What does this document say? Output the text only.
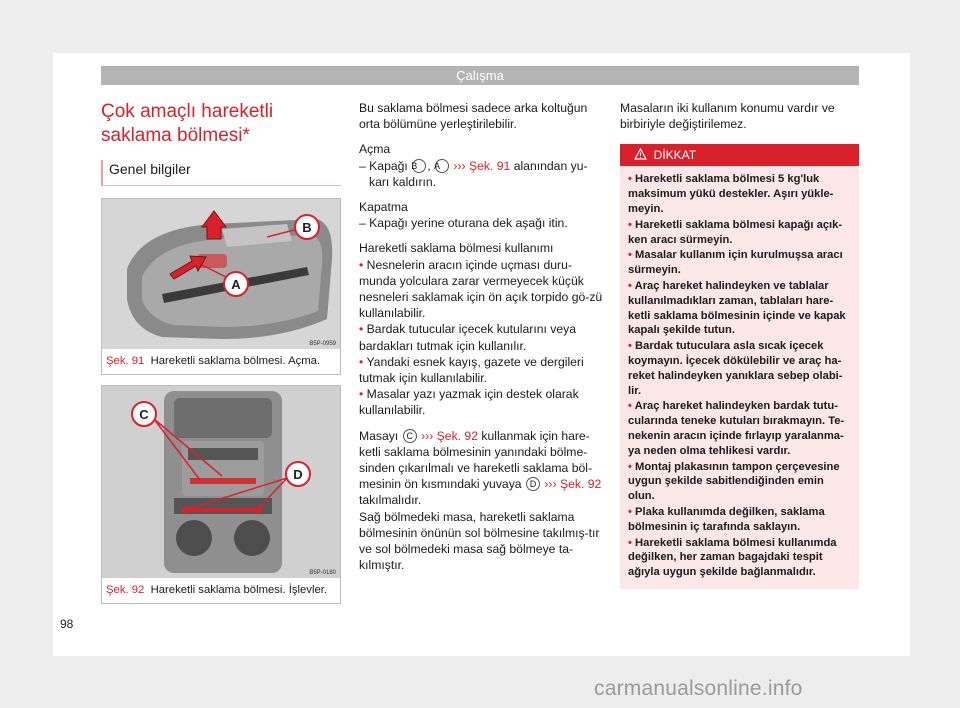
Çalışma
Çok amaçlı hareketli
saklama bölmesi*
Genel bilgiler
B
A
B5P-0959
Şek. 91 Hareketli saklama bölmesi. Açma.
C
D
B5P-0180
Şek. 92 Hareketli saklama bölmesi. İşlevler.

Bu saklama bölmesi sadece arka koltuğun orta bölümüne yerleştirilebilir.

Açma

– Kapağı B , A ››› Şek. 91 alanından yu-karı kaldırın.

Kapatma

– Kapağı yerine oturana dek aşağı itin.

Hareketli saklama bölmesi kullanımı

• Nesnelerin aracın içinde uçması duru-munda yolculara zarar vermeyecek küçük nesneleri saklamak için ön açık torpido gö-zü kullanılabilir.

• Bardak tutucular içecek kutularını veya bardakları tutmak için kullanılır.

• Yandaki esnek kayış, gazete ve dergileri tutmak için kullanılabilir.

• Masalar yazı yazmak için destek olarak kullanılabilir.

Masayı C ››› Şek. 92 kullanmak için hare-ketli saklama bölmesinin yanındaki bölme-sinden çıkarılmalı ve hareketli saklama böl-mesinin ön kısmındaki yuvaya D ››› Şek. 92 takılmalıdır.

Sağ bölmedeki masa, hareketli saklama bölmesinin önünün sol bölmesine takılmış-tır ve sol bölmedeki masa sağ bölmeye ta-kılmıştır.

Masaların iki kullanım konumu vardır ve birbiriyle değiştirilemez.

DİKKAT

• Hareketli saklama bölmesi 5 kg'luk maksimum yükü destekler. Aşırı yükle-meyin.

• Hareketli saklama bölmesi kapağı açık-ken aracı sürmeyin.

• Masalar kullanım için kurulmuşsa aracı sürmeyin.

• Araç hareket halindeyken ve tablalar kullanılmadıkları zaman, tablaları hare-ketli saklama bölmesinin içinde ve kapak kapalı şekilde tutun.

• Bardak tutuculara asla sıcak içecek koymayın. İçecek dökülebilir ve araç ha-reket halindeyken yanıklara sebep olabi-lir.

• Araç hareket halindeyken bardak tutu-cularında teneke kutuları bırakmayın. Te-nekenin aracın içinde fırlayıp yaralanma-ya neden olma tehlikesi vardır.

• Montaj plakasının tampon çerçevesine uygun şekilde sabitlendiğinden emin olun.

• Plaka kullanımda değilken, saklama bölmesinin iç tarafında saklayın.

• Hareketli saklama bölmesi kullanımda değilken, her zaman bagajdaki tespit ağıyla uygun şekilde bağlanmalıdır.

98
carmanualsonline.info
